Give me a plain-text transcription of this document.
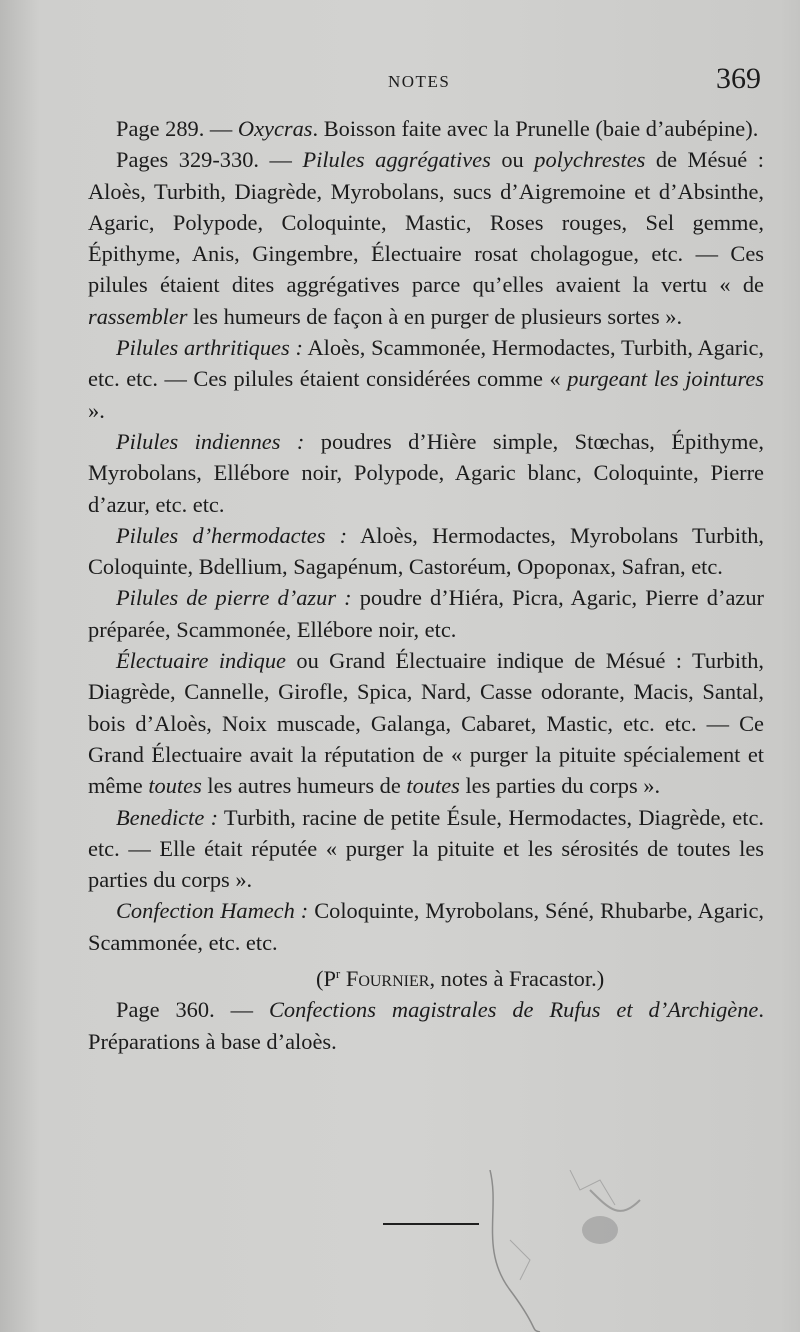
NOTES	369

Page 289. — Oxycras. Boisson faite avec la Prunelle (baie d’aubépine).

Pages 329-330. — Pilules aggrégatives ou polychrestes de Mésué : Aloès, Turbith, Diagrède, Myrobolans, sucs d’Aigremoine et d’Absinthe, Agaric, Polypode, Coloquinte, Mastic, Roses rouges, Sel gemme, Épithyme, Anis, Gingembre, Électuaire rosat cholagogue, etc. — Ces pilules étaient dites aggrégatives parce qu’elles avaient la vertu « de rassembler les humeurs de façon à en purger de plusieurs sortes ».

Pilules arthritiques : Aloès, Scammonée, Hermodactes, Turbith, Agaric, etc. etc. — Ces pilules étaient considérées comme « purgeant les jointures ».

Pilules indiennes : poudres d’Hière simple, Stœchas, Épithyme, Myrobolans, Ellébore noir, Polypode, Agaric blanc, Coloquinte, Pierre d’azur, etc. etc.

Pilules d’hermodactes : Aloès, Hermodactes, Myrobolans Turbith, Coloquinte, Bdellium, Sagapénum, Castoréum, Opoponax, Safran, etc.

Pilules de pierre d’azur : poudre d’Hiéra, Picra, Agaric, Pierre d’azur préparée, Scammonée, Ellébore noir, etc.

Électuaire indique ou Grand Électuaire indique de Mésué : Turbith, Diagrède, Cannelle, Girofle, Spica, Nard, Casse odorante, Macis, Santal, bois d’Aloès, Noix muscade, Galanga, Cabaret, Mastic, etc. etc. — Ce Grand Électuaire avait la réputation de « purger la pituite spécialement et même toutes les autres humeurs de toutes les parties du corps ».

Benedicte : Turbith, racine de petite Ésule, Hermodactes, Diagrède, etc. etc. — Elle était réputée « purger la pituite et les sérosités de toutes les parties du corps ».

Confection Hamech : Coloquinte, Myrobolans, Séné, Rhubarbe, Agaric, Scammonée, etc. etc.

($P^r$ Fournier, notes à Fracastor.)

Page 360. — Confections magistrales de Rufus et d’Archigène. Préparations à base d’aloès.
